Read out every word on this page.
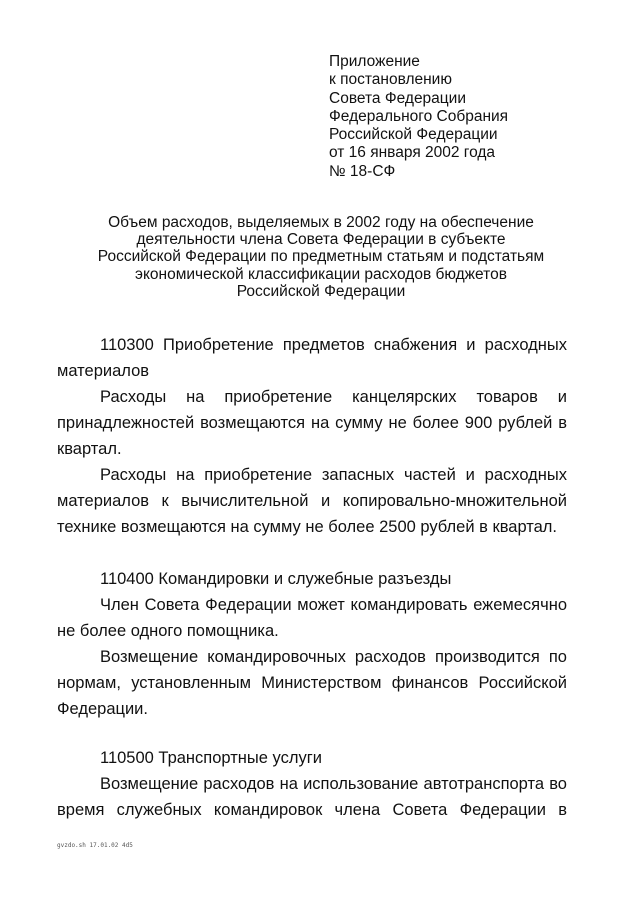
Приложение
к постановлению
Совета Федерации
Федерального Собрания
Российской Федерации
от 16 января 2002 года
№ 18-СФ
Объем расходов, выделяемых в 2002 году на обеспечение
деятельности члена Совета Федерации в субъекте
Российской Федерации по предметным статьям и подстатьям
экономической классификации расходов бюджетов
Российской Федерации

110300 Приобретение предметов снабжения и расходных материалов

Расходы на приобретение канцелярских товаров и принадлежностей возмещаются на сумму не более 900 рублей в квартал.

Расходы на приобретение запасных частей и расходных материалов к вычислительной и копировально-множительной технике возмещаются на сумму не более 2500 рублей в квартал.

110400 Командировки и служебные разъезды

Член Совета Федерации может командировать ежемесячно не более одного помощника.

Возмещение командировочных расходов производится по нормам, установленным Министерством финансов Российской Федерации.

110500 Транспортные услуги

Возмещение расходов на использование автотранспорта во время служебных командировок члена Совета Федерации в

gvzdo.sh 17.01.02 4d5
